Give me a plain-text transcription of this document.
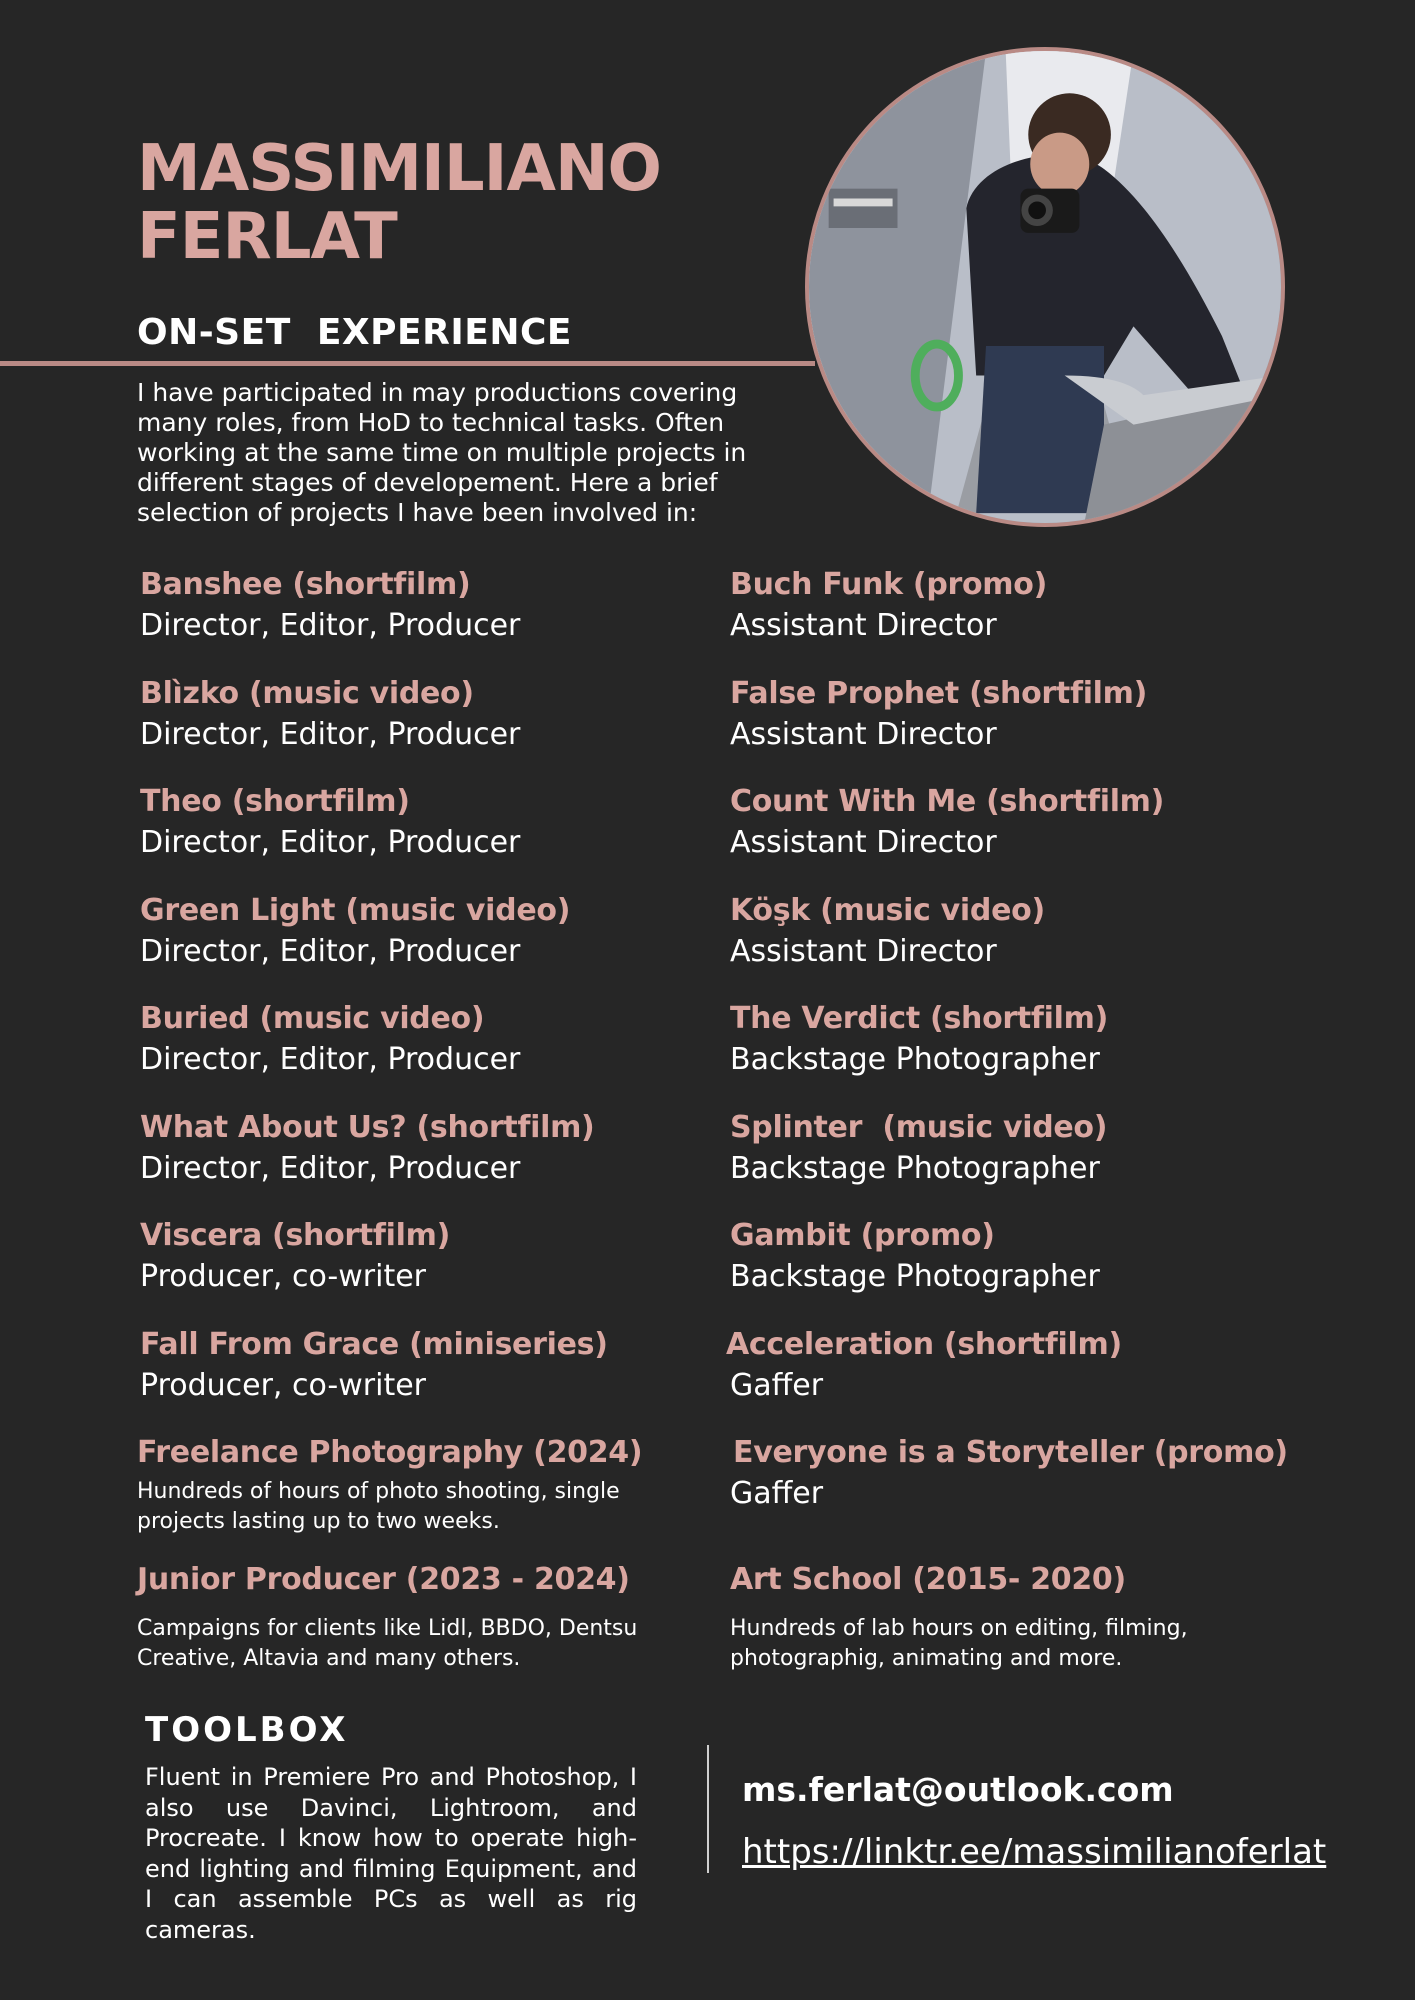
MASSIMILIANO
FERLAT
ON-SET  EXPERIENCE
I have participated in may productions covering many roles, from HoD to technical tasks. Often working at the same time on multiple projects in different stages of developement. Here a brief selection of projects I have been involved in:
Banshee (shortfilm)
Director, Editor, Producer
Blìzko (music video)
Director, Editor, Producer
Theo (shortfilm)
Director, Editor, Producer
Green Light (music video)
Director, Editor, Producer
Buried (music video)
Director, Editor, Producer
What About Us? (shortfilm)
Director, Editor, Producer
Viscera (shortfilm)
Producer, co-writer
Fall From Grace (miniseries)
Producer, co-writer
Freelance Photography (2024)
Hundreds of hours of photo shooting, single projects lasting up to two weeks.
Junior Producer (2023 - 2024)
Campaigns for clients like Lidl, BBDO, Dentsu Creative, Altavia and many others.
Buch Funk (promo)
Assistant Director
False Prophet (shortfilm)
Assistant Director
Count With Me (shortfilm)
Assistant Director
Köşk (music video)
Assistant Director
The Verdict (shortfilm)
Backstage Photographer
Splinter  (music video)
Backstage Photographer
Gambit (promo)
Backstage Photographer
Acceleration (shortfilm)
Gaffer
Everyone is a Storyteller (promo)
Gaffer
Art School (2015- 2020)
Hundreds of lab hours on editing, filming, photographig, animating and more.
TOOLBOX
Fluent in Premiere Pro and Photoshop, I also use Davinci, Lightroom, and Procreate. I know how to operate high-end lighting and filming Equipment, and I can assemble PCs as well as rig cameras.
ms.ferlat@outlook.com
https://linktr.ee/massimilianoferlat
